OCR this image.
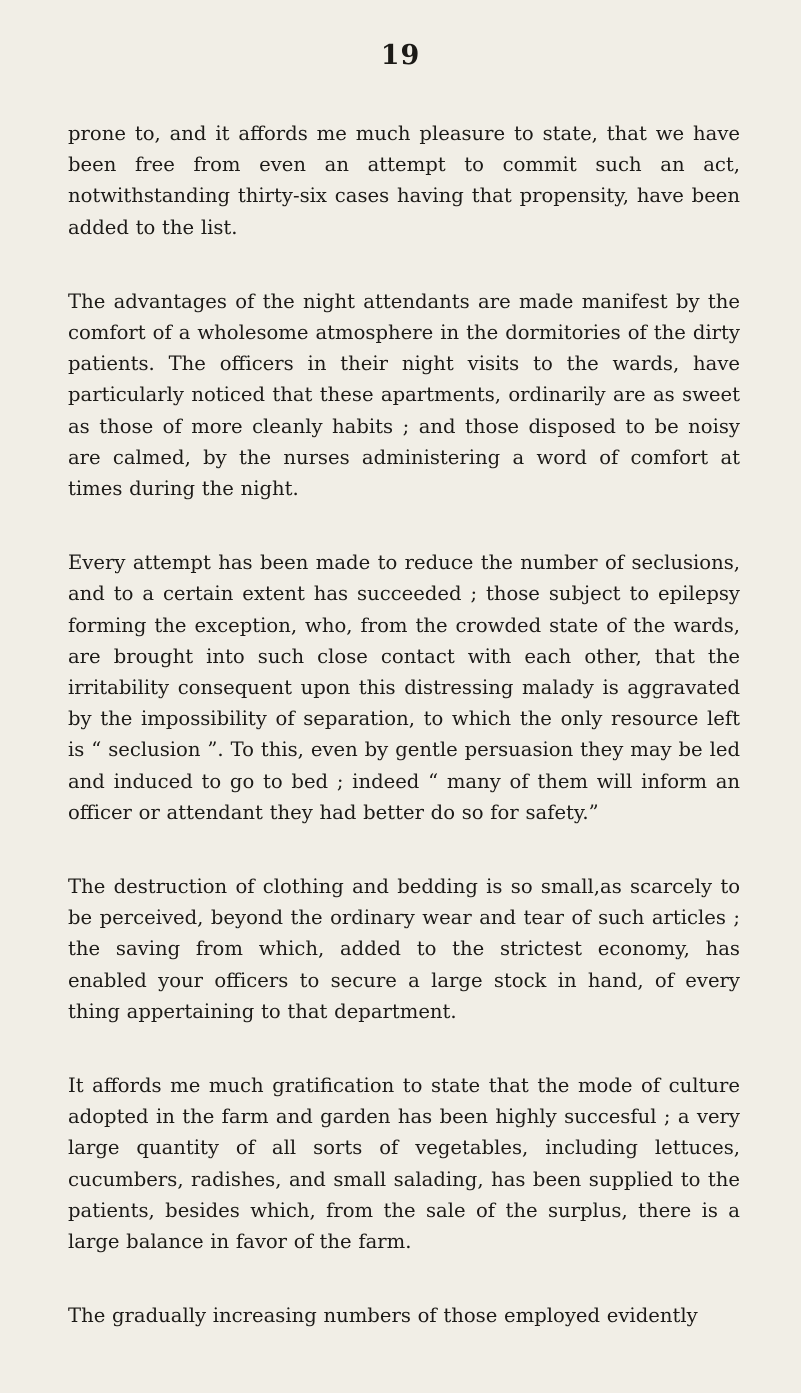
19

prone to, and it affords me much pleasure to state, that we have been free from even an attempt to commit such an act, notwithstanding thirty-six cases having that propensity, have been added to the list.

The advantages of the night attendants are made manifest by the comfort of a wholesome atmosphere in the dormitories of the dirty patients. The officers in their night visits to the wards, have particularly noticed that these apartments, ordinarily are as sweet as those of more cleanly habits ; and those disposed to be noisy are calmed, by the nurses administering a word of comfort at times during the night.

Every attempt has been made to reduce the number of seclusions, and to a certain extent has succeeded ; those subject to epilepsy forming the exception, who, from the crowded state of the wards, are brought into such close contact with each other, that the irritability consequent upon this distressing malady is aggravated by the impossibility of separation, to which the only resource left is “ seclusion ”. To this, even by gentle persuasion they may be led and induced to go to bed ; indeed “ many of them will inform an officer or attendant they had better do so for safety.”

The destruction of clothing and bedding is so small,as scarcely to be perceived, beyond the ordinary wear and tear of such articles ; the saving from which, added to the strictest economy, has enabled your officers to secure a large stock in hand, of every thing appertaining to that department.

It affords me much gratification to state that the mode of culture adopted in the farm and garden has been highly succesful ; a very large quantity of all sorts of vegetables, including lettuces, cucumbers, radishes, and small salading, has been supplied to the patients, besides which, from the sale of the surplus, there is a large balance in favor of the farm.

The gradually increasing numbers of those employed evidently
